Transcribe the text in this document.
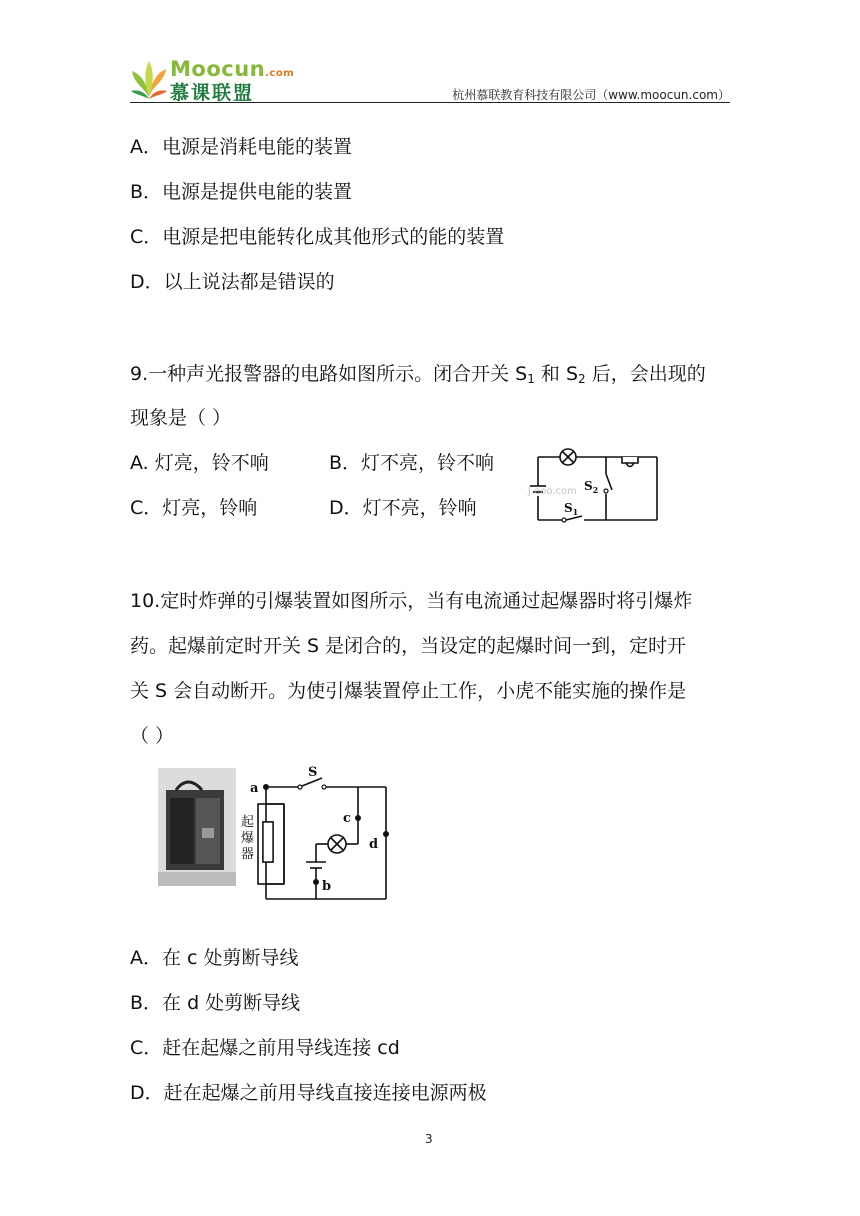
Moocun.com
慕课联盟	杭州慕联教育科技有限公司（www.moocun.com）
A．电源是消耗电能的装置
B．电源是提供电能的装置
C．电源是把电能转化成其他形式的能的装置
D．以上说法都是错误的
9.一种声光报警器的电路如图所示。闭合开关 $S_1$ 和 $S_2$ 后，会出现的
现象是（ ）
A. 灯亮，铃不响	B．灯不亮，铃不响
C．灯亮，铃响	D．灯不亮，铃响
$S_2$
$S_1$
J.eoo.com
10.定时炸弹的引爆装置如图所示，当有电流通过起爆器时将引爆炸
药。起爆前定时开关 S 是闭合的，当设定的起爆时间一到，定时开
关 S 会自动断开。为使引爆装置停止工作，小虎不能实施的操作是
（ ）
S
a
c
d
b
起
爆
器
A．在 c 处剪断导线
B．在 d 处剪断导线
C．赶在起爆之前用导线连接 cd
D．赶在起爆之前用导线直接连接电源两极
3
